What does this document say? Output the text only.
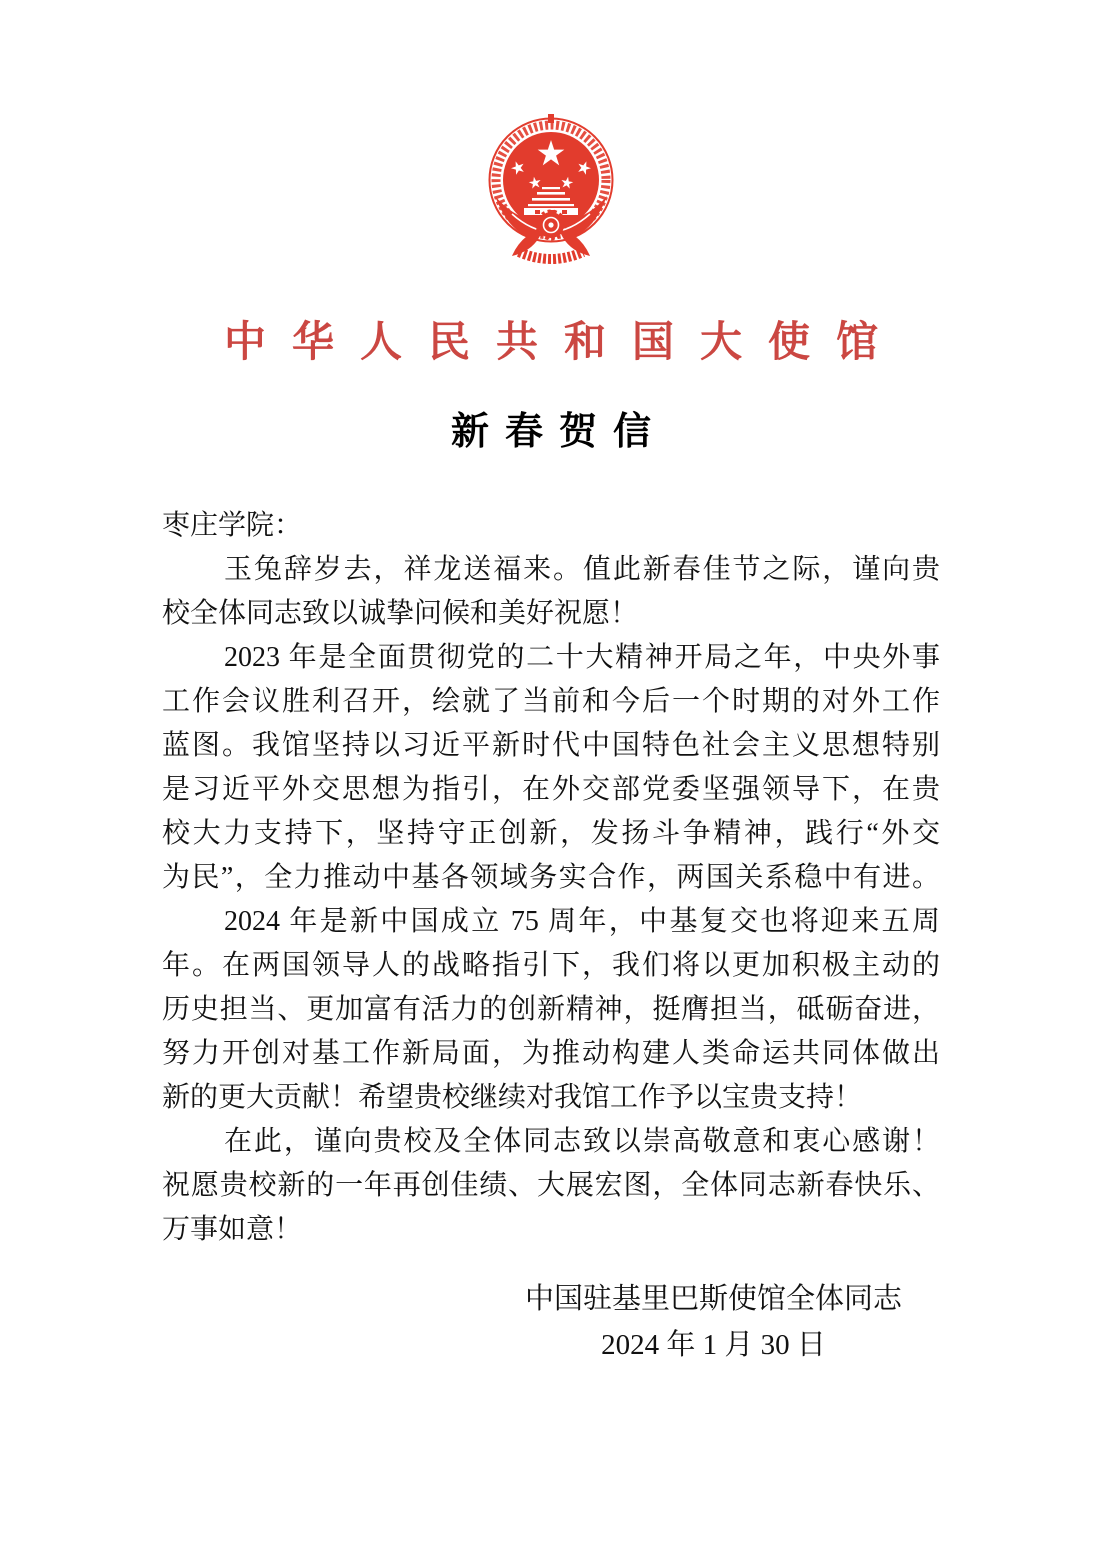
中华人民共和国大使馆
新春贺信
枣庄学院：
玉兔辞岁去，祥龙送福来。值此新春佳节之际，谨向贵
校全体同志致以诚挚问候和美好祝愿！
2023 年是全面贯彻党的二十大精神开局之年，中央外事
工作会议胜利召开，绘就了当前和今后一个时期的对外工作
蓝图。我馆坚持以习近平新时代中国特色社会主义思想特别
是习近平外交思想为指引，在外交部党委坚强领导下，在贵
校大力支持下，坚持守正创新，发扬斗争精神，践行“外交
为民”，全力推动中基各领域务实合作，两国关系稳中有进。
2024 年是新中国成立 75 周年，中基复交也将迎来五周
年。在两国领导人的战略指引下，我们将以更加积极主动的
历史担当、更加富有活力的创新精神，挺膺担当，砥砺奋进，
努力开创对基工作新局面，为推动构建人类命运共同体做出
新的更大贡献！希望贵校继续对我馆工作予以宝贵支持！
在此，谨向贵校及全体同志致以崇高敬意和衷心感谢！
祝愿贵校新的一年再创佳绩、大展宏图，全体同志新春快乐、
万事如意！
中国驻基里巴斯使馆全体同志
2024 年 1 月 30 日
